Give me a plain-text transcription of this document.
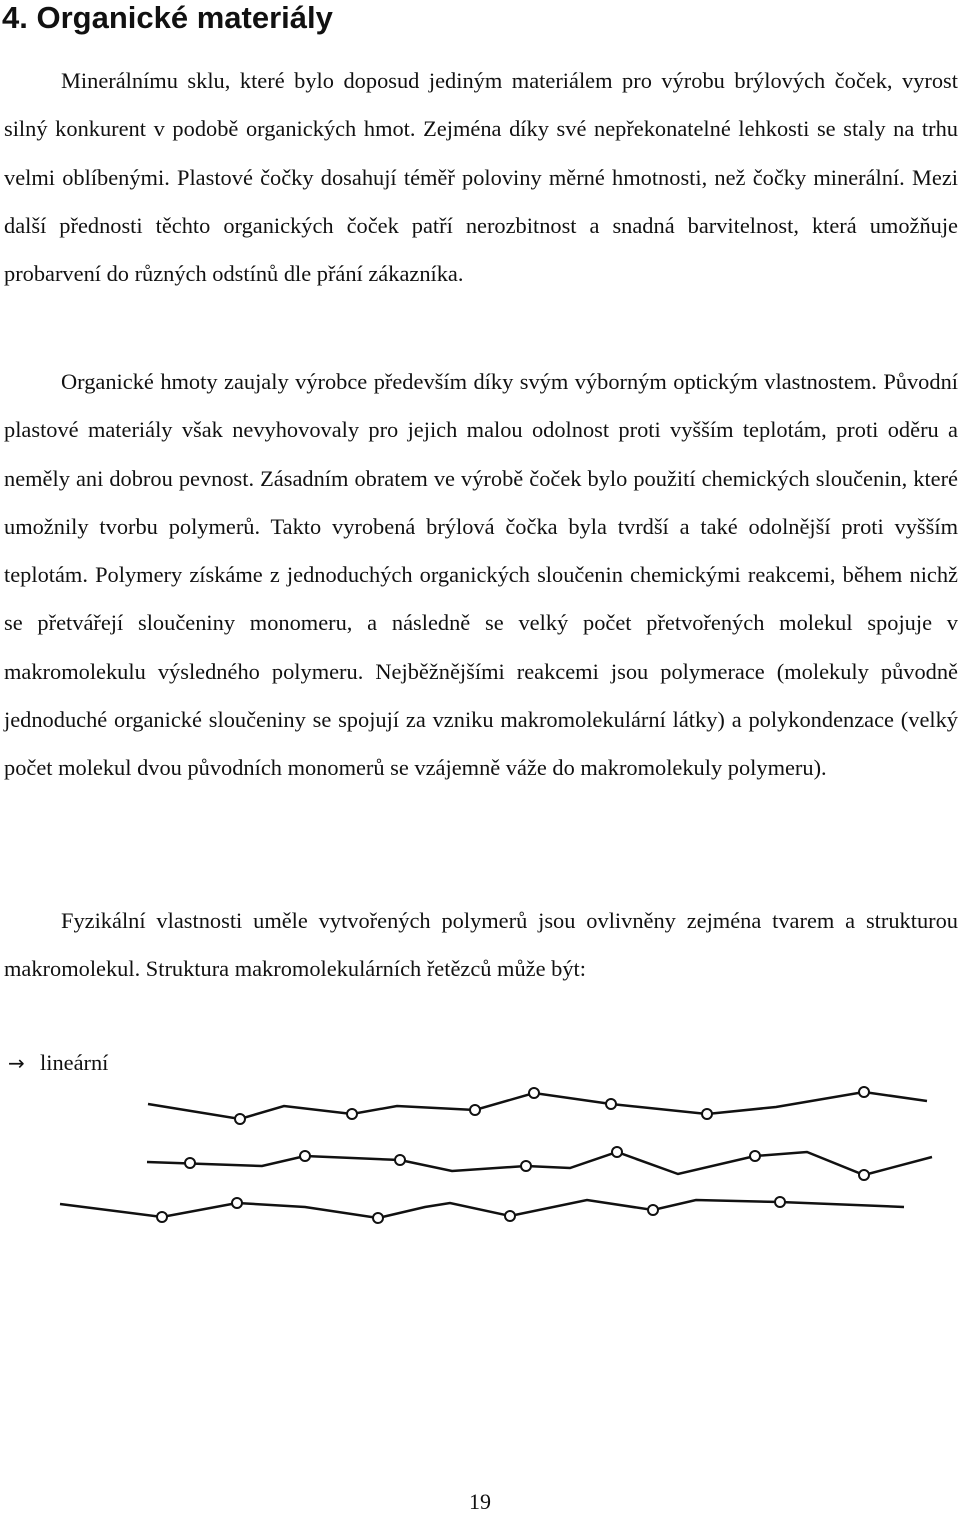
4. Organické materiály

Minerálnímu sklu, které bylo doposud jediným materiálem pro výrobu brýlových čoček, vyrost silný konkurent v podobě organických hmot. Zejména díky své nepřekonatelné lehkosti se staly na trhu velmi oblíbenými. Plastové čočky dosahují téměř poloviny měrné hmotnosti, než čočky minerální. Mezi další přednosti těchto organických čoček patří nerozbitnost a snadná barvitelnost, která umožňuje probarvení do různých odstínů dle přání zákazníka.

Organické hmoty zaujaly výrobce především díky svým výborným optickým vlastnostem. Původní plastové materiály však nevyhovovaly pro jejich malou odolnost proti vyšším teplotám, proti oděru a neměly ani dobrou pevnost. Zásadním obratem ve výrobě čoček bylo použití chemických sloučenin, které umožnily tvorbu polymerů. Takto vyrobená brýlová čočka byla tvrdší a také odolnější proti vyšším teplotám. Polymery získáme z jednoduchých organických sloučenin chemickými reakcemi, během nichž se přetvářejí sloučeniny monomeru, a následně se velký počet přetvořených molekul spojuje v makromolekulu výsledného polymeru. Nejběžnějšími reakcemi jsou polymerace (molekuly původně jednoduché organické sloučeniny se spojují za vzniku makromolekulární látky) a polykondenzace (velký počet molekul dvou původních monomerů se vzájemně váže do makromolekuly polymeru).

Fyzikální vlastnosti uměle vytvořených polymerů jsou ovlivněny zejména tvarem a strukturou makromolekul. Struktura makromolekulárních řetězců může být:

→ lineární
19
